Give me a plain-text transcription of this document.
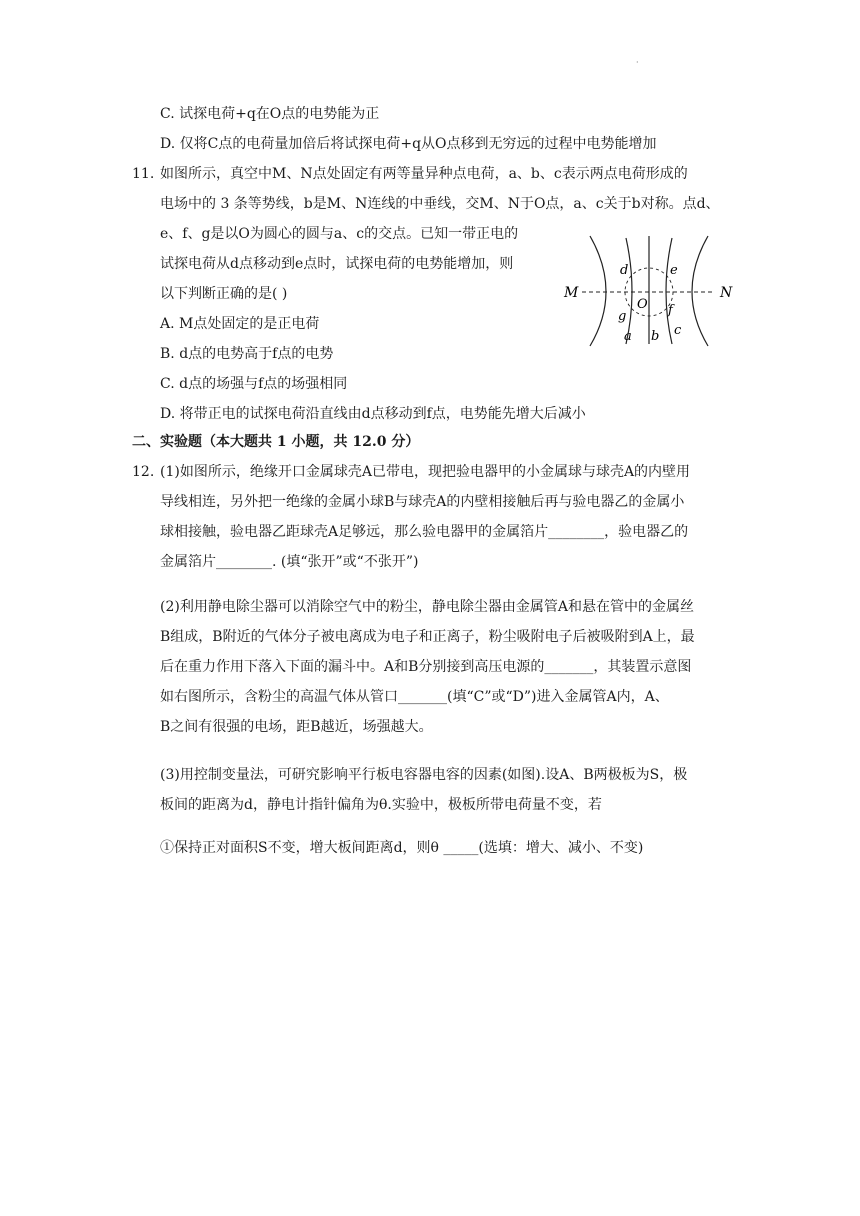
·
C. 试探电荷+q在O点的电势能为正
D. 仅将C点的电荷量加倍后将试探电荷+q从O点移到无穷远的过程中电势能增加
11. 如图所示，真空中M、N点处固定有两等量异种点电荷，a、b、c表示两点电荷形成的
电场中的 3 条等势线，b是M、N连线的中垂线，交M、N于O点，a、c关于b对称。点d、
e、f、g是以O为圆心的圆与a、c的交点。已知一带正电的
试探电荷从d点移动到e点时，试探电荷的电势能增加，则
以下判断正确的是( )
A. M点处固定的是正电荷
B. d点的电势高于f点的电势
C. d点的场强与f点的场强相同
D. 将带正电的试探电荷沿直线由d点移动到f点，电势能先增大后减小
M	N
O
d	e
f
g
a b c
二、实验题（本大题共 1 小题，共 12.0 分）
12. (1)如图所示，绝缘开口金属球壳A已带电，现把验电器甲的小金属球与球壳A的内壁用
导线相连，另外把一绝缘的金属小球B与球壳A的内壁相接触后再与验电器乙的金属小
球相接触，验电器乙距球壳A足够远，那么验电器甲的金属箔片________，验电器乙的
金属箔片________. (填“张开”或“不张开”)
(2)利用静电除尘器可以消除空气中的粉尘，静电除尘器由金属管A和悬在管中的金属丝
B组成，B附近的气体分子被电离成为电子和正离子，粉尘吸附电子后被吸附到A上，最
后在重力作用下落入下面的漏斗中。A和B分别接到高压电源的_______，其装置示意图
如右图所示，含粉尘的高温气体从管口_______(填“C”或“D”)进入金属管A内，A、
B之间有很强的电场，距B越近，场强越大。
(3)用控制变量法，可研究影响平行板电容器电容的因素(如图).设A、B两极板为S，极
板间的距离为d，静电计指针偏角为θ.实验中，极板所带电荷量不变，若
①保持正对面积S不变，增大板间距离d，则θ _____(选填：增大、减小、不变)
